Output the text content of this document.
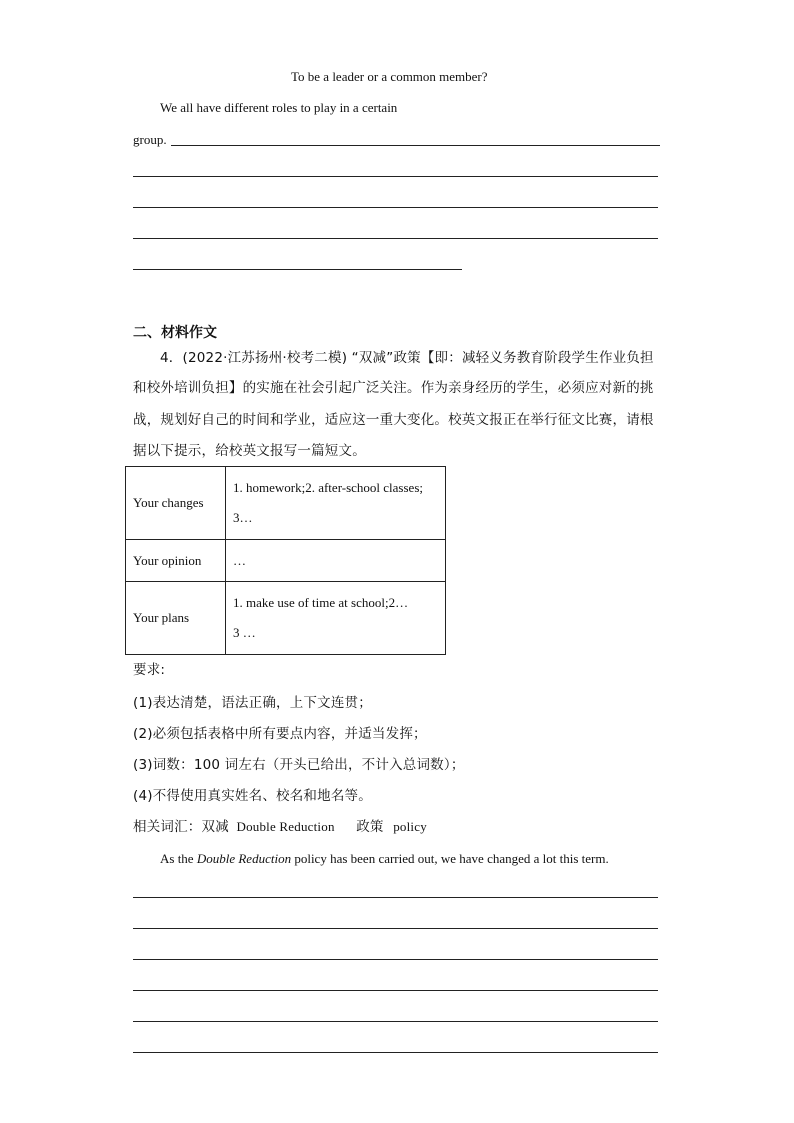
To be a leader or a common member?
We all have different roles to play in a certain
group.
二、材料作文
4．(2022·江苏扬州·校考二模) “双减”政策【即：减轻义务教育阶段学生作业负担
和校外培训负担】的实施在社会引起广泛关注。作为亲身经历的学生，必须应对新的挑
战，规划好自己的时间和学业，适应这一重大变化。校英文报正在举行征文比赛，请根
据以下提示，给校英文报写一篇短文。
Your changes	1. homework;2. after-school classes;
3…

Your opinion	…

Your plans	1. make use of time at school;2…
3 …
要求:
(1)表达清楚，语法正确，上下文连贯；
(2)必须包括表格中所有要点内容，并适当发挥；
(3)词数：100 词左右（开头已给出，不计入总词数）；
(4)不得使用真实姓名、校名和地名等。
相关词汇：双减 Double Reduction 政策 policy
As the Double Reduction policy has been carried out, we have changed a lot this term.
